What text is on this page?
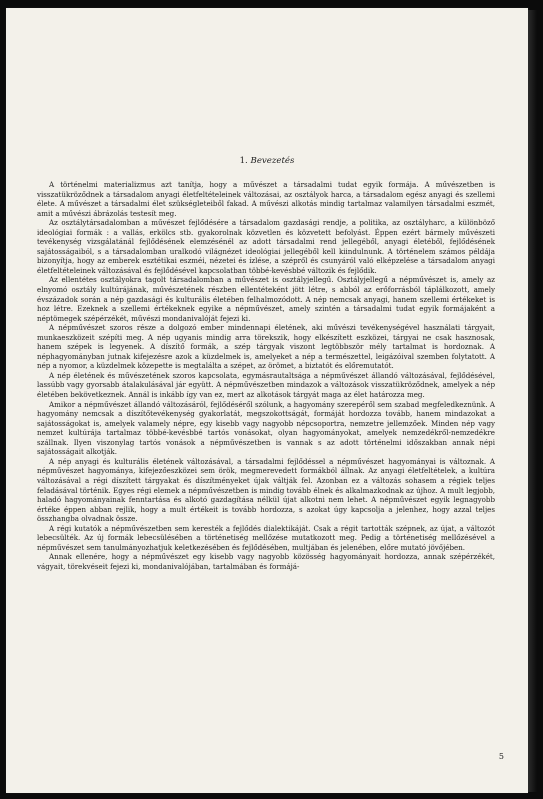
1. Bevezetés

A történelmi materializmus azt tanítja, hogy a művészet a társadalmi tudat egyik formája. A művészetben is visszatükröződnek a társadalom anyagi életfeltételeinek változásai, az osztályok harca, a társadalom egész anyagi és szellemi élete. A művészet a társadalmi élet szükségleteiből fakad. A művészi alkotás mindig tartalmaz valamilyen társadalmi eszmét, amit a művészi ábrázolás testesít meg.

Az osztálytársadalomban a művészet fejlődésére a társadalom gazdasági rendje, a politika, az osztályharc, a különböző ideológiai formák : a vallás, erkölcs stb. gyakorolnak közvetlen és közvetett befolyást. Éppen ezért bármely művészeti tevékenység vizsgálatánál fejlődésének elemzésénél az adott társadalmi rend jellegéből, anyagi életéből, fejlődésének sajátosságaiból, s a társadalomban uralkodó világnézet ideológiai jellegéből kell kiindulnunk. A történelem számos példája bizonyítja, hogy az emberek esztétikai eszméi, nézetei és ízlése, a szépről és csunyáról való elképzelése a társadalom anyagi életfeltételeinek változásával és fejlődésével kapcsolatban többé-kevésbbé változik és fejlődik.

Az ellentétes osztályokra tagolt társadalomban a művészet is osztályjellegű. Osztályjellegű a népművészet is, amely az elnyomó osztály kultúrájának, művészetének részben ellentéteként jött létre, s abból az erőforrásból táplálkozott, amely évszázadok során a nép gazdasági és kulturális életében felhalmozódott. A nép nemcsak anyagi, hanem szellemi értékeket is hoz létre. Ezeknek a szellemi értékeknek egyike a népművészet, amely szintén a társadalmi tudat egyik formájaként a néptömegek szépérzékét, művészi mondanivalóját fejezi ki.

A népművészet szoros része a dolgozó ember mindennapi életének, aki művészi tevékenységével használati tárgyait, munkaeszközeit szépíti meg. A nép ugyanis mindig arra törekszik, hogy elkészített eszközei, tárgyai ne csak hasznosak, hanem szépek is legyenek. A díszítő formák, a szép tárgyak viszont legtöbbször mély tartalmat is hordoznak. A néphagyományban jutnak kifejezésre azok a küzdelmek is, amelyeket a nép a természettel, leigázóival szemben folytatott. A nép a nyomor, a küzdelmek közepette is megtalálta a szépet, az örömet, a biztatót és előremutatót.

A nép életének és művészetének szoros kapcsolata, egymásrautaltsága a népművészet állandó változásával, fejlődésével, lassúbb vagy gyorsabb átalakulásával jár együtt. A népművészetben mindazok a változások visszatükröződnek, amelyek a nép életében bekövetkeznek. Annál is inkább így van ez, mert az alkotások tárgyát maga az élet határozza meg.

Amikor a népművészet állandó változásáról, fejlődéséről szólunk, a hagyomány szerepéről sem szabad megfeledkeznünk. A hagyomány nemcsak a díszítőtevékenység gyakorlatát, megszokottságát, formáját hordozza tovább, hanem mindazokat a sajátosságokat is, amelyek valamely népre, egy kisebb vagy nagyobb népcsoportra, nemzetre jellemzőek. Minden nép vagy nemzet kultúrája tartalmaz többé-kevésbbé tartós vonásokat, olyan hagyományokat, amelyek nemzedékről-nemzedékre szállnak. Ilyen viszonylag tartós vonások a népművészetben is vannak s az adott történelmi időszakban annak népi sajátosságait alkotják.

A nép anyagi és kulturális életének változásával, a társadalmi fejlődéssel a népművészet hagyományai is változnak. A népművészet hagyománya, kifejezőeszközei sem örök, megmerevedett formákból állnak. Az anyagi életfeltételek, a kultúra változásával a régi díszített tárgyakat és díszítményeket újak váltják fel. Azonban ez a változás sohasem a régiek teljes feladásával történik. Egyes régi elemek a népművészetben is mindig tovább élnek és alkalmazkodnak az újhoz. A mult legjobb, haladó hagyományainak fenntartása és alkotó gazdagítása nélkül újat alkotni nem lehet. A népművészet egyik legnagyobb értéke éppen abban rejlik, hogy a mult értékeit is tovább hordozza, s azokat úgy kapcsolja a jelenhez, hogy azzal teljes összhangba olvadnak össze.

A régi kutatók a népművészetben sem keresték a fejlődés dialektikáját. Csak a régit tartották szépnek, az újat, a változót lebecsülték. Az új formák lebecsülésében a történetiség mellőzése mutatkozott meg. Pedig a történetiség mellőzésével a népművészet sem tanulmányozhatjuk keletkezésében és fejlődésében, multjában és jelenében, előre mutató jövőjében.

Annak ellenére, hogy a népművészet egy kisebb vagy nagyobb közösség hagyományait hordozza, annak szépérzékét, vágyait, törekvéseit fejezi ki, mondanivalójában, tartalmában és formájá-

5
